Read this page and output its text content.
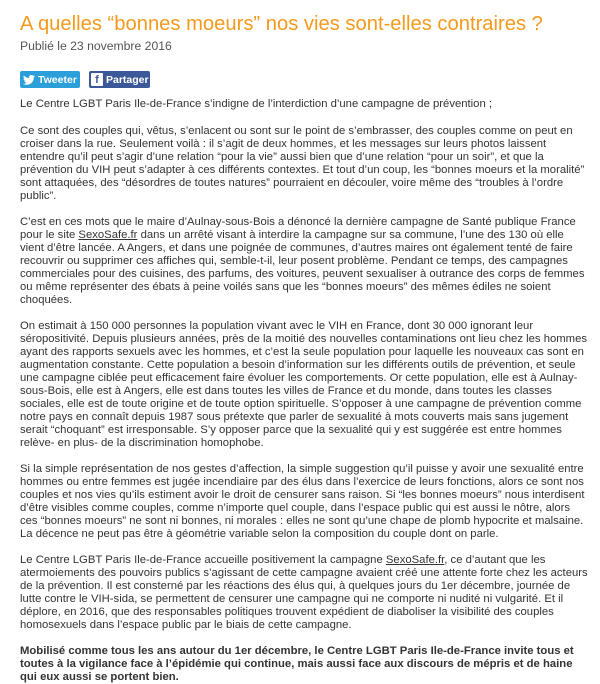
A quelles “bonnes moeurs” nos vies sont-elles contraires ?
Publié le 23 novembre 2016
Tweeter	f Partager

Le Centre LGBT Paris Ile-de-France s’indigne de l’interdiction d’une campagne de prévention ;

Ce sont des couples qui, vêtus, s’enlacent ou sont sur le point de s’embrasser, des couples comme on peut en croiser dans la rue. Seulement voilà : il s’agit de deux hommes, et les messages sur leurs photos laissent entendre qu’il peut s’agir d’une relation “pour la vie” aussi bien que d’une relation “pour un soir”, et que la prévention du VIH peut s’adapter à ces différents contextes. Et tout d’un coup, les “bonnes moeurs et la moralité” sont attaquées, des “désordres de toutes natures” pourraient en découler, voire même des “troubles à l’ordre public”.

C’est en ces mots que le maire d’Aulnay-sous-Bois a dénoncé la dernière campagne de Santé publique France pour le site SexoSafe.fr dans un arrêté visant à interdire la campagne sur sa commune, l’une des 130 où elle vient d’être lancée. A Angers, et dans une poignée de communes, d’autres maires ont également tenté de faire recouvrir ou supprimer ces affiches qui, semble-t-il, leur posent problème. Pendant ce temps, des campagnes commerciales pour des cuisines, des parfums, des voitures, peuvent sexualiser à outrance des corps de femmes ou même représenter des ébats à peine voilés sans que les “bonnes moeurs” des mêmes édiles ne soient choquées.

On estimait à 150 000 personnes la population vivant avec le VIH en France, dont 30 000 ignorant leur séropositivité. Depuis plusieurs années, près de la moitié des nouvelles contaminations ont lieu chez les hommes ayant des rapports sexuels avec les hommes, et c’est la seule population pour laquelle les nouveaux cas sont en augmentation constante. Cette population a besoin d’information sur les différents outils de prévention, et seule une campagne ciblée peut efficacement faire évoluer les comportements. Or cette population, elle est à Aulnay-sous-Bois, elle est à Angers, elle est dans toutes les villes de France et du monde, dans toutes les classes sociales, elle est de toute origine et de toute option spirituelle. S’opposer à une campagne de prévention comme notre pays en connaît depuis 1987 sous prétexte que parler de sexualité à mots couverts mais sans jugement serait “choquant” est irresponsable. S’y opposer parce que la sexualité qui y est suggérée est entre hommes relève- en plus- de la discrimination homophobe.

Si la simple représentation de nos gestes d’affection, la simple suggestion qu’il puisse y avoir une sexualité entre hommes ou entre femmes est jugée incendiaire par des élus dans l’exercice de leurs fonctions, alors ce sont nos couples et nos vies qu’ils estiment avoir le droit de censurer sans raison. Si “les bonnes moeurs” nous interdisent d’être visibles comme couples, comme n’importe quel couple, dans l’espace public qui est aussi le nôtre, alors ces “bonnes moeurs” ne sont ni bonnes, ni morales : elles ne sont qu’une chape de plomb hypocrite et malsaine. La décence ne peut pas être à géométrie variable selon la composition du couple dont on parle.

Le Centre LGBT Paris Ile-de-France accueille positivement la campagne SexoSafe.fr, ce d’autant que les atermoiements des pouvoirs publics s’agissant de cette campagne avaient créé une attente forte chez les acteurs de la prévention. Il est consterné par les réactions des élus qui, à quelques jours du 1er décembre, journée de lutte contre le VIH-sida, se permettent de censurer une campagne qui ne comporte ni nudité ni vulgarité. Et il déplore, en 2016, que des responsables politiques trouvent expédient de diaboliser la visibilité des couples homosexuels dans l’espace public par le biais de cette campagne.

Mobilisé comme tous les ans autour du 1er décembre, le Centre LGBT Paris Ile-de-France invite tous et toutes à la vigilance face à l’épidémie qui continue, mais aussi face aux discours de mépris et de haine qui eux aussi se portent bien.
